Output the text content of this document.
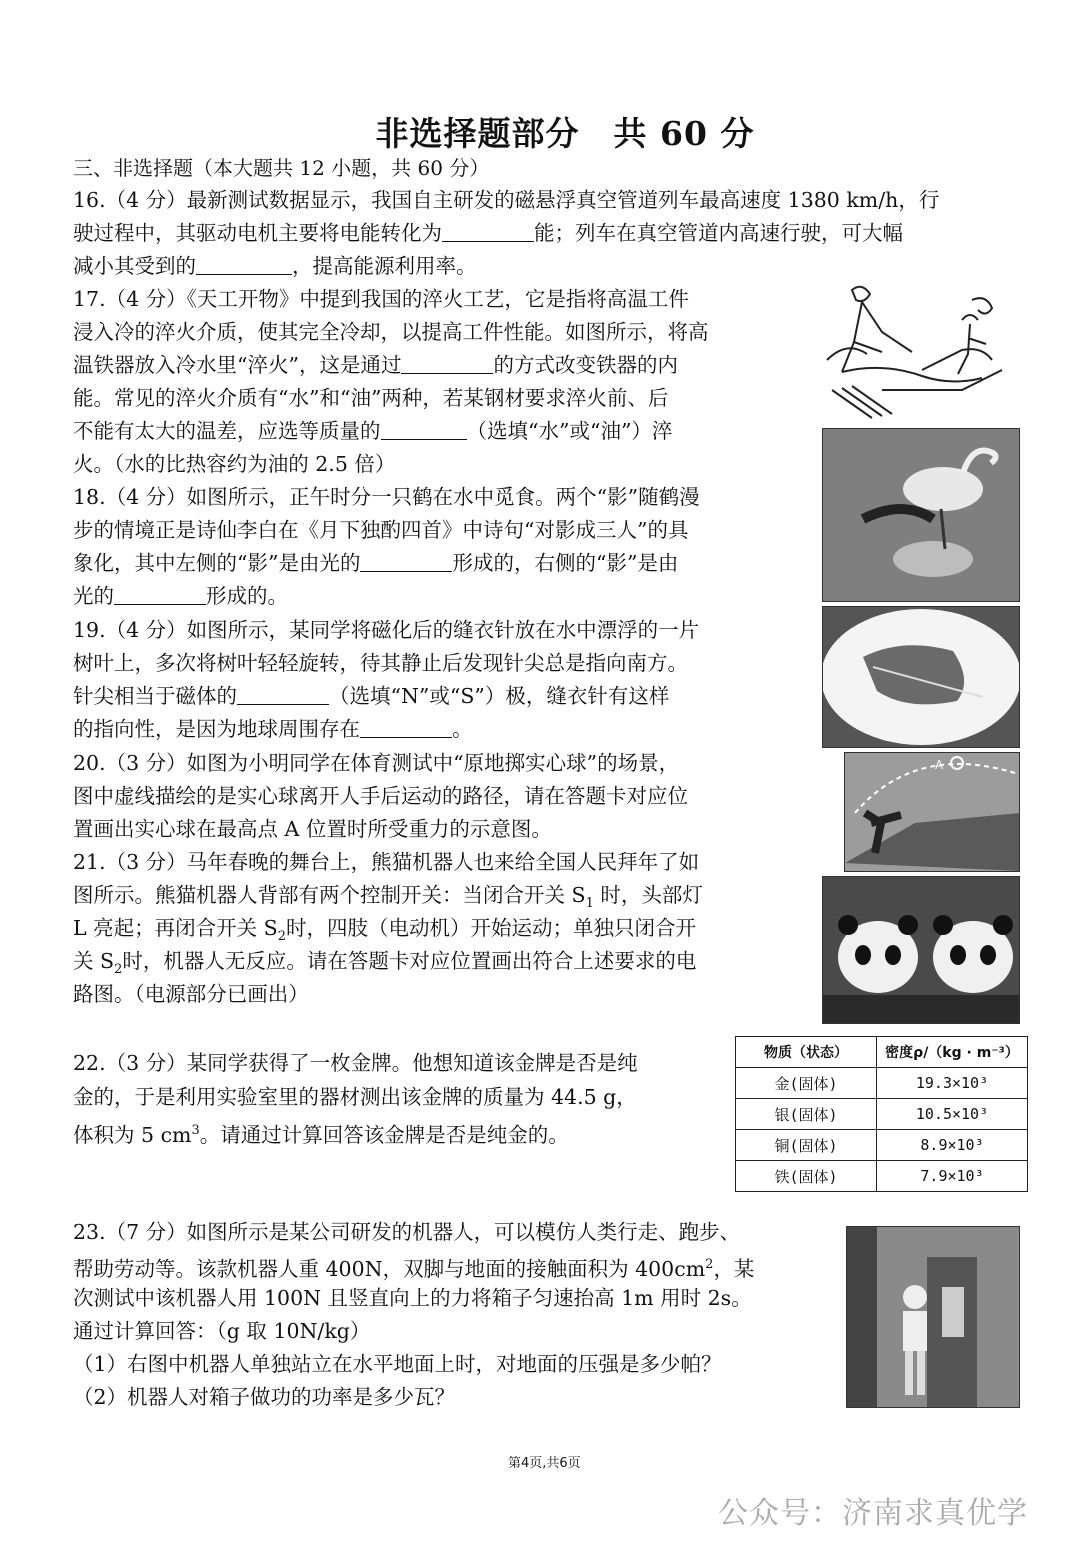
非选择题部分　共 60 分
三、非选择题（本大题共 12 小题，共 60 分）
16.（4 分）最新测试数据显示，我国自主研发的磁悬浮真空管道列车最高速度 1380 km/h，行
驶过程中，其驱动电机主要将电能转化为	能；列车在真空管道内高速行驶，可大幅
减小其受到的	，提高能源利用率。
17.（4 分）《天工开物》中提到我国的淬火工艺，它是指将高温工件
浸入冷的淬火介质，使其完全冷却，以提高工件性能。如图所示，将高
温铁器放入冷水里“淬火”，这是通过	的方式改变铁器的内
能。常见的淬火介质有“水”和“油”两种，若某钢材要求淬火前、后
不能有太大的温差，应选等质量的	（选填“水”或“油”）淬
火。（水的比热容约为油的 2.5 倍）
18.（4 分）如图所示，正午时分一只鹤在水中觅食。两个“影”随鹤漫
步的情境正是诗仙李白在《月下独酌四首》中诗句“对影成三人”的具
象化，其中左侧的“影”是由光的	形成的，右侧的“影”是由
光的	形成的。
19.（4 分）如图所示，某同学将磁化后的缝衣针放在水中漂浮的一片
树叶上，多次将树叶轻轻旋转，待其静止后发现针尖总是指向南方。
针尖相当于磁体的	（选填“N”或“S”）极，缝衣针有这样
的指向性，是因为地球周围存在	。
20.（3 分）如图为小明同学在体育测试中“原地掷实心球”的场景，
图中虚线描绘的是实心球离开人手后运动的路径，请在答题卡对应位
置画出实心球在最高点 A 位置时所受重力的示意图。
21.（3 分）马年春晚的舞台上，熊猫机器人也来给全国人民拜年了如
图所示。熊猫机器人背部有两个控制开关：当闭合开关 $S_1$ 时，头部灯
L 亮起；再闭合开关 $S_2$时，四肢（电动机）开始运动；单独只闭合开
关 $S_2$时，机器人无反应。请在答题卡对应位置画出符合上述要求的电
路图。（电源部分已画出）
22.（3 分）某同学获得了一枚金牌。他想知道该金牌是否是纯
金的，于是利用实验室里的器材测出该金牌的质量为 44.5 g，
体积为 5 $cm^3$。请通过计算回答该金牌是否是纯金的。
物质（状态）	密度ρ/（kg · m⁻³）
金(固体)	19.3×10³
银(固体)	10.5×10³
铜(固体)	8.9×10³
铁(固体)	7.9×10³
23.（7 分）如图所示是某公司研发的机器人，可以模仿人类行走、跑步、
帮助劳动等。该款机器人重 400N，双脚与地面的接触面积为 $400cm^2$，某
次测试中该机器人用 100N 且竖直向上的力将箱子匀速抬高 1m 用时 2s。
通过计算回答：（g 取 10N/kg）
（1）右图中机器人单独站立在水平地面上时，对地面的压强是多少帕？
（2）机器人对箱子做功的功率是多少瓦？
A
第4页,共6页
公众号：济南求真优学
